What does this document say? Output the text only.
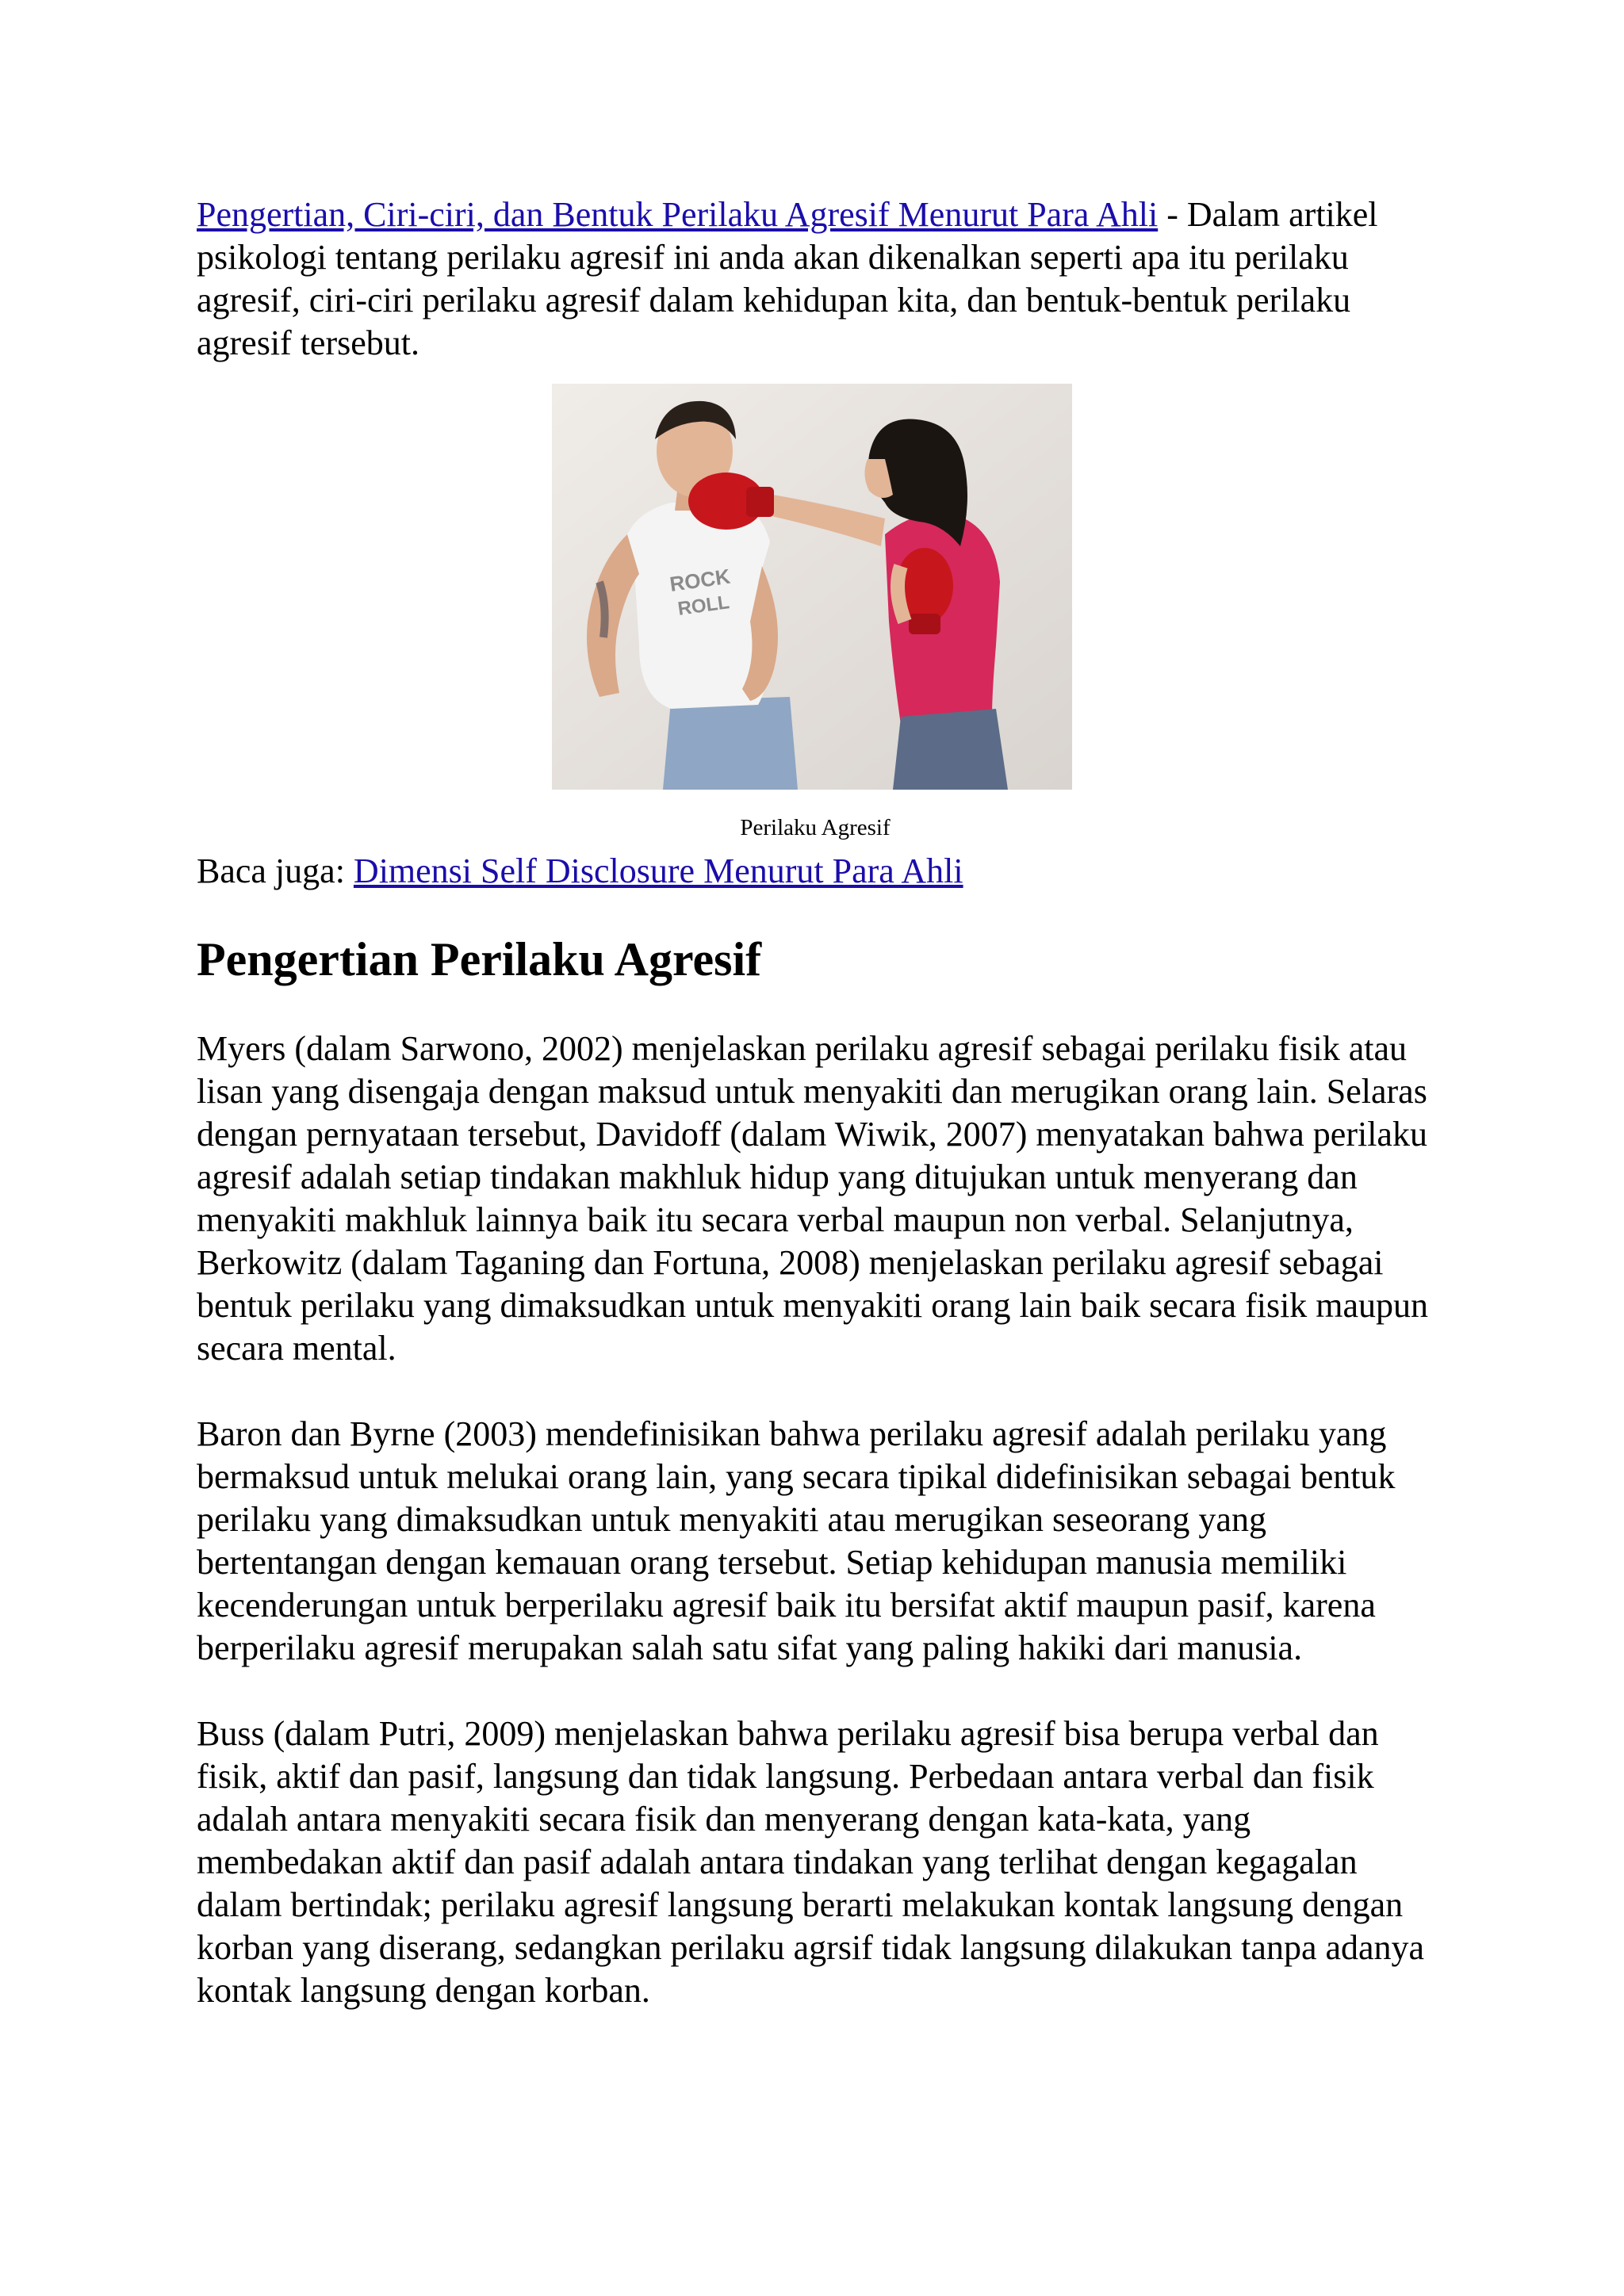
Pengertian, Ciri-ciri, dan Bentuk Perilaku Agresif Menurut Para Ahli - Dalam artikel psikologi tentang perilaku agresif ini anda akan dikenalkan seperti apa itu perilaku agresif, ciri-ciri perilaku agresif dalam kehidupan kita, dan bentuk-bentuk perilaku agresif tersebut.

ROCK
ROLL

Perilaku Agresif

Baca juga: Dimensi Self Disclosure Menurut Para Ahli

Pengertian Perilaku Agresif

Myers (dalam Sarwono, 2002) menjelaskan perilaku agresif sebagai perilaku fisik atau lisan yang disengaja dengan maksud untuk menyakiti dan merugikan orang lain. Selaras dengan pernyataan tersebut, Davidoff (dalam Wiwik, 2007) menyatakan bahwa perilaku agresif adalah setiap tindakan makhluk hidup yang ditujukan untuk menyerang dan menyakiti makhluk lainnya baik itu secara verbal maupun non verbal. Selanjutnya, Berkowitz (dalam Taganing dan Fortuna, 2008) menjelaskan perilaku agresif sebagai bentuk perilaku yang dimaksudkan untuk menyakiti orang lain baik secara fisik maupun secara mental.

Baron dan Byrne (2003) mendefinisikan bahwa perilaku agresif adalah perilaku yang bermaksud untuk melukai orang lain, yang secara tipikal didefinisikan sebagai bentuk perilaku yang dimaksudkan untuk menyakiti atau merugikan seseorang yang bertentangan dengan kemauan orang tersebut. Setiap kehidupan manusia memiliki kecenderungan untuk berperilaku agresif baik itu bersifat aktif maupun pasif, karena berperilaku agresif merupakan salah satu sifat yang paling hakiki dari manusia.

Buss (dalam Putri, 2009) menjelaskan bahwa perilaku agresif bisa berupa verbal dan fisik, aktif dan pasif, langsung dan tidak langsung. Perbedaan antara verbal dan fisik adalah antara menyakiti secara fisik dan menyerang dengan kata-kata, yang membedakan aktif dan pasif adalah antara tindakan yang terlihat dengan kegagalan dalam bertindak; perilaku agresif langsung berarti melakukan kontak langsung dengan korban yang diserang, sedangkan perilaku agrsif tidak langsung dilakukan tanpa adanya kontak langsung dengan korban.
